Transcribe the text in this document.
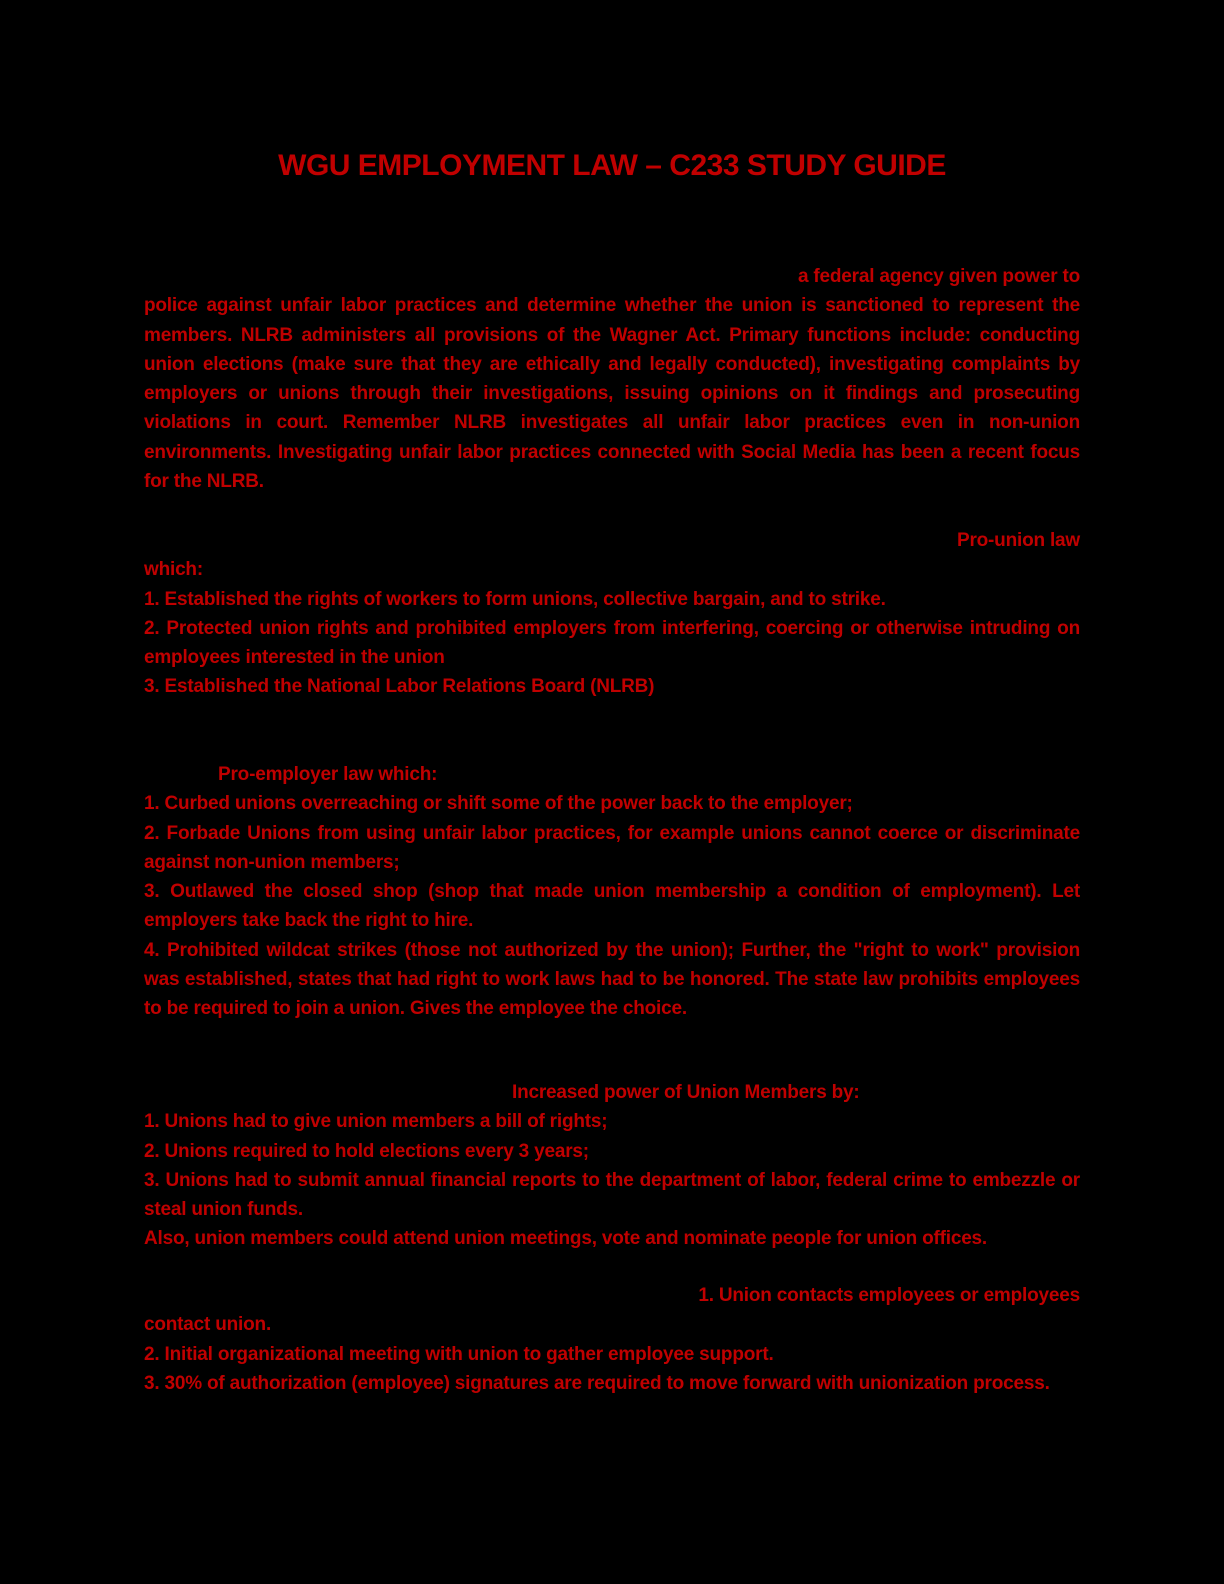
WGU EMPLOYMENT LAW – C233 STUDY GUIDE

a federal agency given power to

police against unfair labor practices and determine whether the union is sanctioned to represent the members. NLRB administers all provisions of the Wagner Act. Primary functions include: conducting union elections (make sure that they are ethically and legally conducted), investigating complaints by employers or unions through their investigations, issuing opinions on it findings and prosecuting violations in court. Remember NLRB investigates all unfair labor practices even in non-union environments. Investigating unfair labor practices connected with Social Media has been a recent focus for the NLRB.

Pro-union law

which:

1. Established the rights of workers to form unions, collective bargain, and to strike.

2. Protected union rights and prohibited employers from interfering, coercing or otherwise intruding on employees interested in the union

3. Established the National Labor Relations Board (NLRB)

Pro-employer law which:

1. Curbed unions overreaching or shift some of the power back to the employer;

2. Forbade Unions from using unfair labor practices, for example unions cannot coerce or discriminate against non-union members;

3. Outlawed the closed shop (shop that made union membership a condition of employment). Let employers take back the right to hire.

4. Prohibited wildcat strikes (those not authorized by the union); Further, the "right to work" provision was established, states that had right to work laws had to be honored. The state law prohibits employees to be required to join a union. Gives the employee the choice.

Increased power of Union Members by:

1. Unions had to give union members a bill of rights;

2. Unions required to hold elections every 3 years;

3. Unions had to submit annual financial reports to the department of labor, federal crime to embezzle or steal union funds.

Also, union members could attend union meetings, vote and nominate people for union offices.

1. Union contacts employees or employees

contact union.

2. Initial organizational meeting with union to gather employee support.

3. 30% of authorization (employee) signatures are required to move forward with unionization process.
